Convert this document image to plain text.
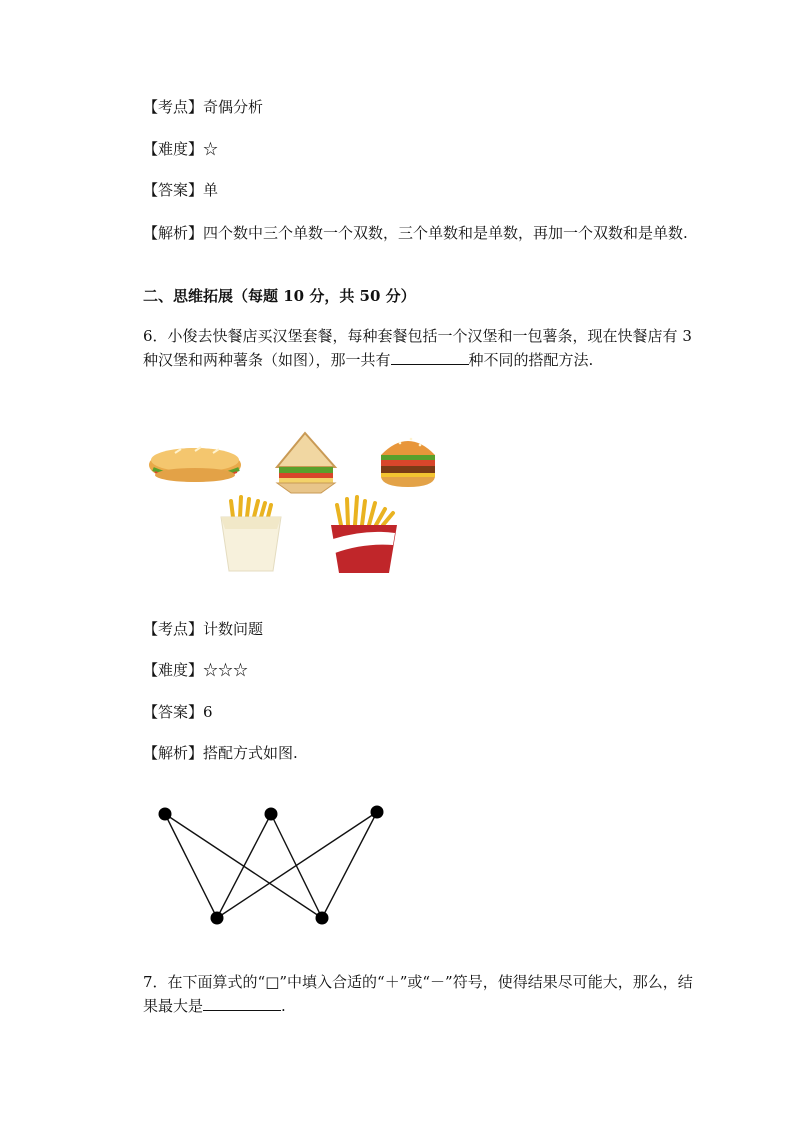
【考点】奇偶分析
【难度】☆
【答案】单
【解析】四个数中三个单数一个双数，三个单数和是单数，再加一个双数和是单数.
二、思维拓展（每题 10 分，共 50 分）
6．小俊去快餐店买汉堡套餐，每种套餐包括一个汉堡和一包薯条，现在快餐店有 3 种汉堡和两种薯条（如图），那一共有	种不同的搭配方法.
【考点】计数问题
【难度】☆☆☆
【答案】6
【解析】搭配方式如图.
7．在下面算式的“□”中填入合适的“＋”或“－”符号，使得结果尽可能大，那么，结果最大是	.
